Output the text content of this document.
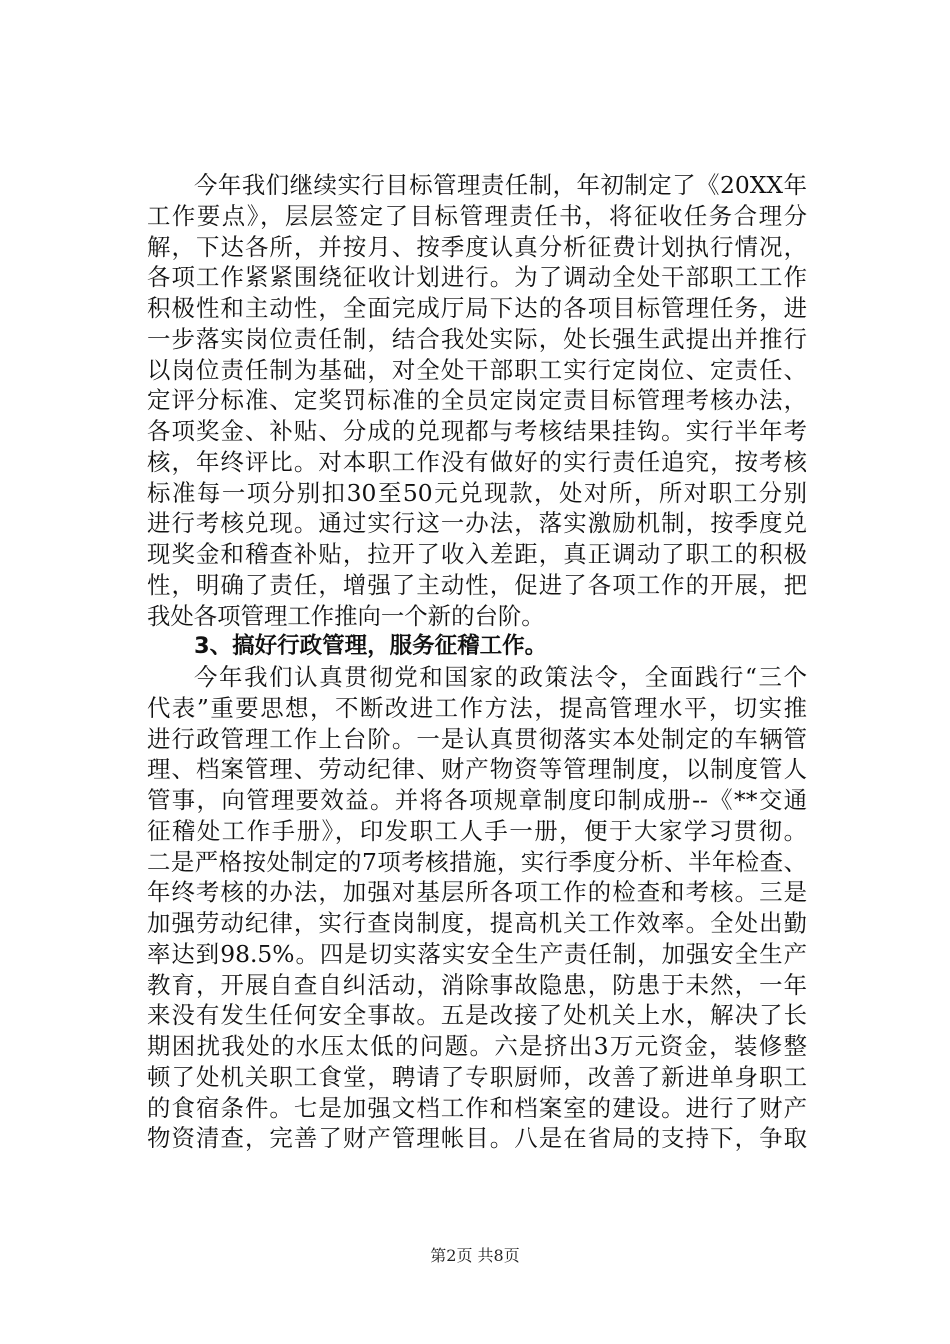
今年我们继续实行目标管理责任制，年初制定了《20XX年
工作要点》，层层签定了目标管理责任书，将征收任务合理分
解，下达各所，并按月、按季度认真分析征费计划执行情况，
各项工作紧紧围绕征收计划进行。为了调动全处干部职工工作
积极性和主动性，全面完成厅局下达的各项目标管理任务，进
一步落实岗位责任制，结合我处实际，处长强生武提出并推行
以岗位责任制为基础，对全处干部职工实行定岗位、定责任、
定评分标准、定奖罚标准的全员定岗定责目标管理考核办法，
各项奖金、补贴、分成的兑现都与考核结果挂钩。实行半年考
核，年终评比。对本职工作没有做好的实行责任追究，按考核
标准每一项分别扣30至50元兑现款，处对所，所对职工分别
进行考核兑现。通过实行这一办法，落实激励机制，按季度兑
现奖金和稽查补贴，拉开了收入差距，真正调动了职工的积极
性，明确了责任，增强了主动性，促进了各项工作的开展，把
我处各项管理工作推向一个新的台阶。
3、搞好行政管理，服务征稽工作。
今年我们认真贯彻党和国家的政策法令，全面践行“三个
代表”重要思想，不断改进工作方法，提高管理水平，切实推
进行政管理工作上台阶。一是认真贯彻落实本处制定的车辆管
理、档案管理、劳动纪律、财产物资等管理制度，以制度管人
管事，向管理要效益。并将各项规章制度印制成册--《**交通
征稽处工作手册》，印发职工人手一册，便于大家学习贯彻。
二是严格按处制定的7项考核措施，实行季度分析、半年检查、
年终考核的办法，加强对基层所各项工作的检查和考核。三是
加强劳动纪律，实行查岗制度，提高机关工作效率。全处出勤
率达到98.5%。四是切实落实安全生产责任制，加强安全生产
教育，开展自查自纠活动，消除事故隐患，防患于未然，一年
来没有发生任何安全事故。五是改接了处机关上水，解决了长
期困扰我处的水压太低的问题。六是挤出3万元资金，装修整
顿了处机关职工食堂，聘请了专职厨师，改善了新进单身职工
的食宿条件。七是加强文档工作和档案室的建设。进行了财产
物资清查，完善了财产管理帐目。八是在省局的支持下，争取
第2页 共8页
